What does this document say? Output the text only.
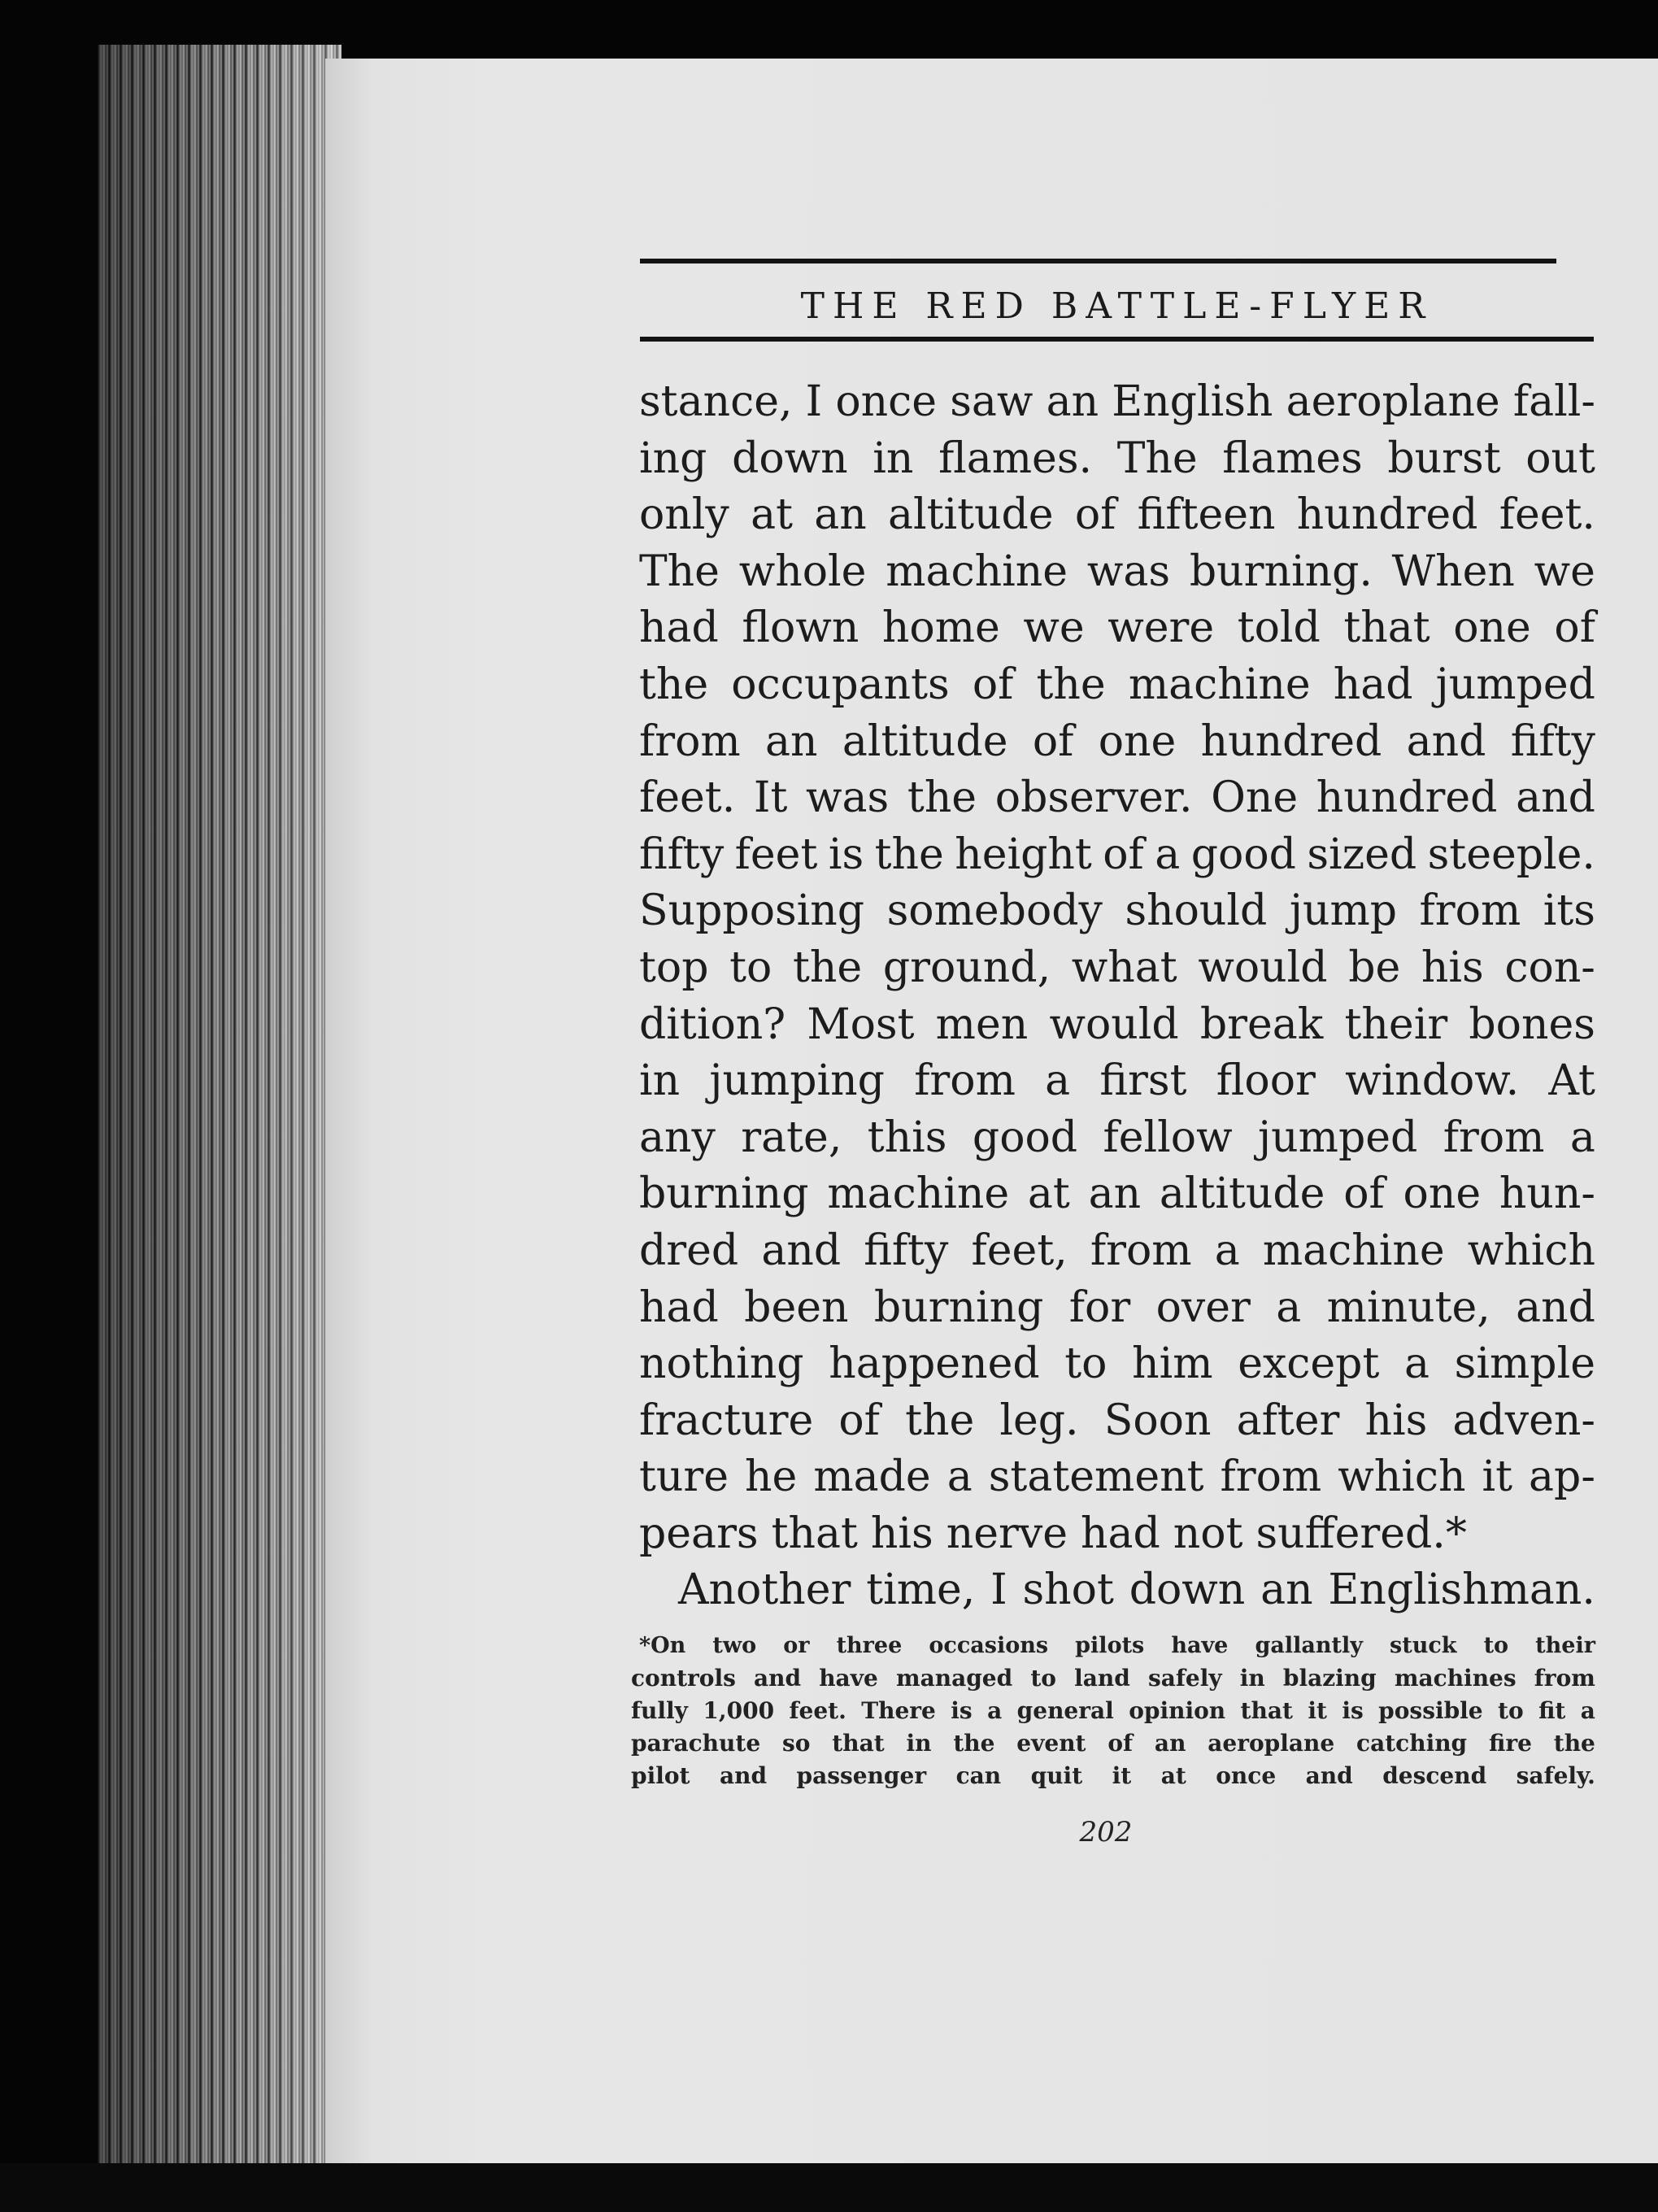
THE RED BATTLE-FLYER
stance, I once saw an English aeroplane fall-
ing down in flames. The flames burst out
only at an altitude of fifteen hundred feet.
The whole machine was burning. When we
had flown home we were told that one of
the occupants of the machine had jumped
from an altitude of one hundred and fifty
feet. It was the observer. One hundred and
fifty feet is the height of a good sized steeple.
Supposing somebody should jump from its
top to the ground, what would be his con-
dition? Most men would break their bones
in jumping from a first floor window. At
any rate, this good fellow jumped from a
burning machine at an altitude of one hun-
dred and fifty feet, from a machine which
had been burning for over a minute, and
nothing happened to him except a simple
fracture of the leg. Soon after his adven-
ture he made a statement from which it ap-
pears that his nerve had not suffered.*
Another time, I shot down an Englishman.
*On two or three occasions pilots have gallantly stuck to their
controls and have managed to land safely in blazing machines from
fully 1,000 feet. There is a general opinion that it is possible to fit a
parachute so that in the event of an aeroplane catching fire the
pilot and passenger can quit it at once and descend safely.
202
